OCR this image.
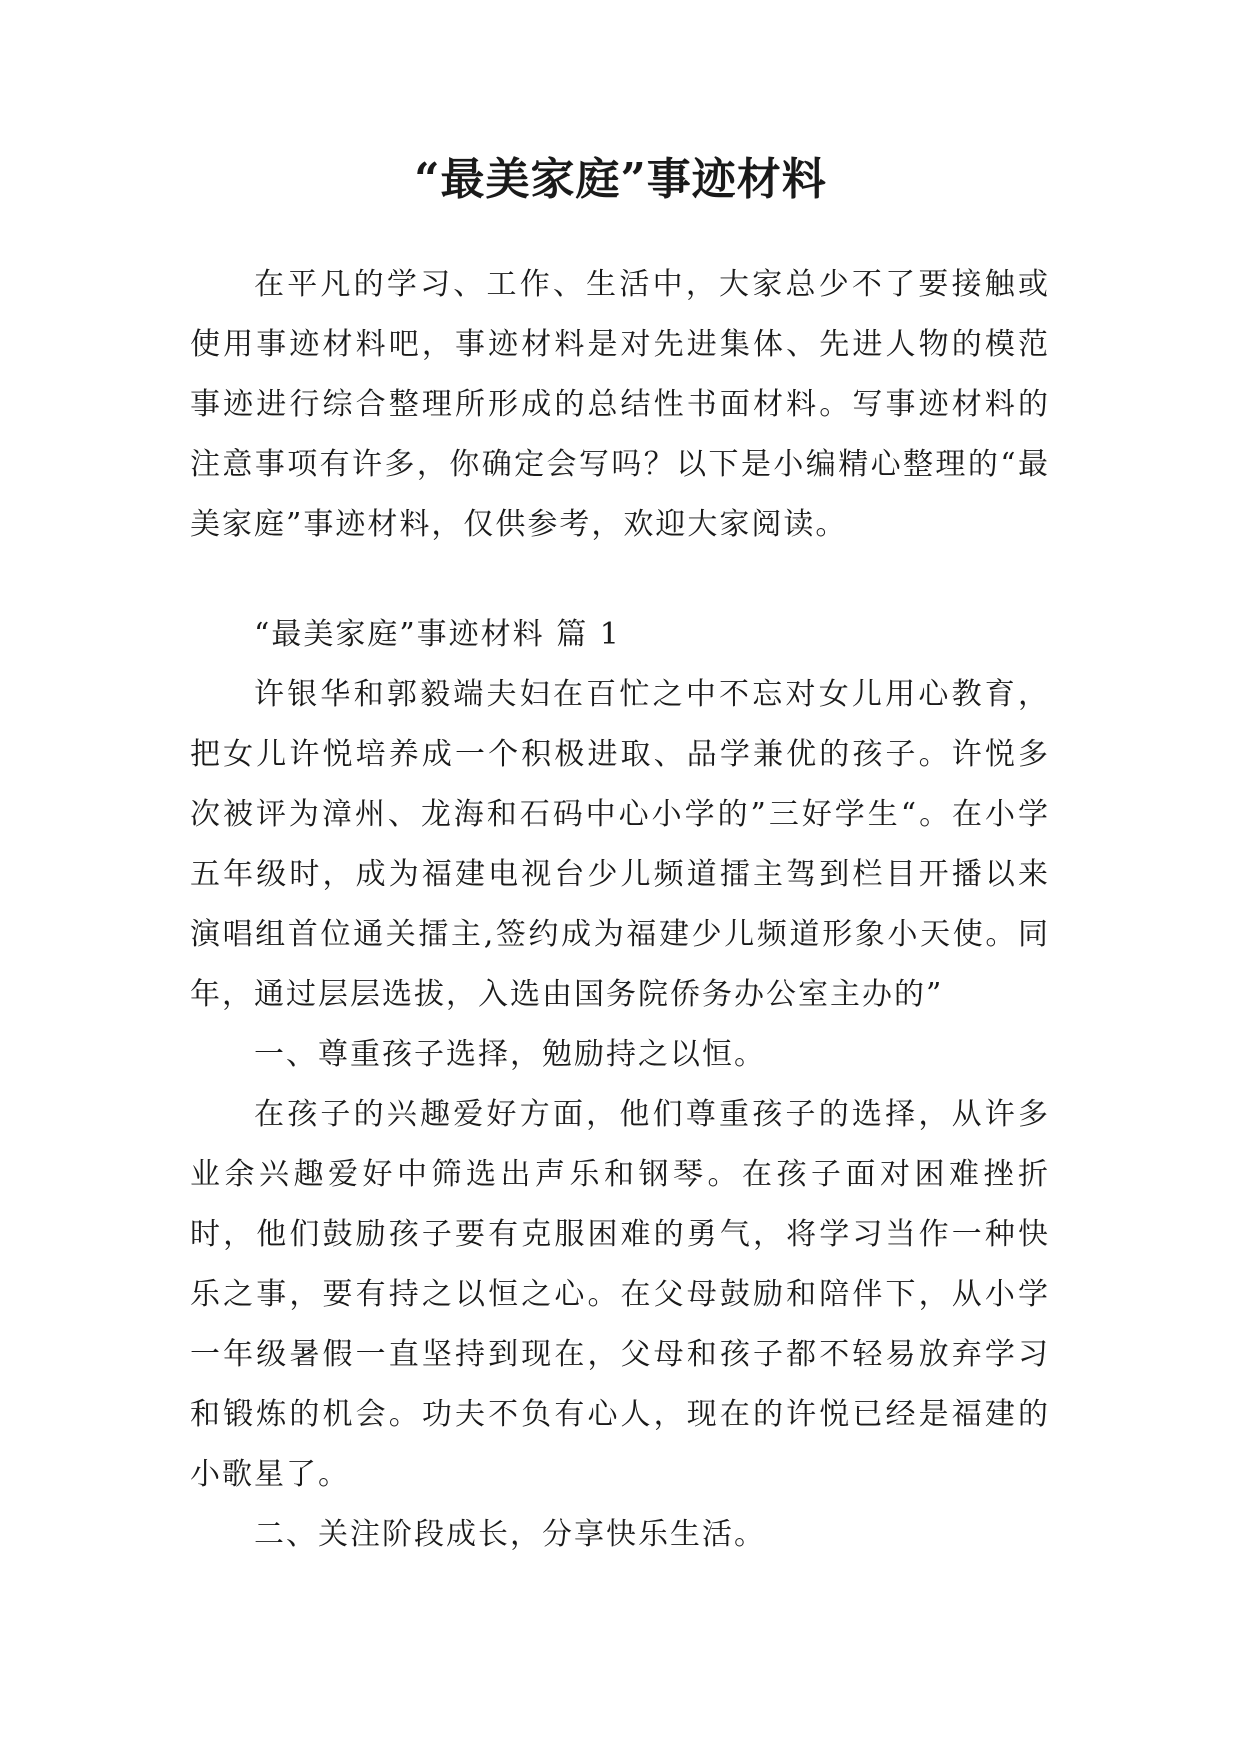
“最美家庭”事迹材料

在平凡的学习、工作、生活中，大家总少不了要接触或使用事迹材料吧，事迹材料是对先进集体、先进人物的模范事迹进行综合整理所形成的总结性书面材料。写事迹材料的注意事项有许多，你确定会写吗？以下是小编精心整理的“最美家庭”事迹材料，仅供参考，欢迎大家阅读。

“最美家庭”事迹材料 篇 1

许银华和郭毅端夫妇在百忙之中不忘对女儿用心教育，把女儿许悦培养成一个积极进取、品学兼优的孩子。许悦多次被评为漳州、龙海和石码中心小学的”三好学生“。在小学五年级时，成为福建电视台少儿频道擂主驾到栏目开播以来演唱组首位通关擂主,签约成为福建少儿频道形象小天使。同年，通过层层选拔，入选由国务院侨务办公室主办的”

一、尊重孩子选择，勉励持之以恒。

在孩子的兴趣爱好方面，他们尊重孩子的选择，从许多业余兴趣爱好中筛选出声乐和钢琴。在孩子面对困难挫折时，他们鼓励孩子要有克服困难的勇气，将学习当作一种快乐之事，要有持之以恒之心。在父母鼓励和陪伴下，从小学一年级暑假一直坚持到现在，父母和孩子都不轻易放弃学习和锻炼的机会。功夫不负有心人，现在的许悦已经是福建的小歌星了。

二、关注阶段成长，分享快乐生活。
